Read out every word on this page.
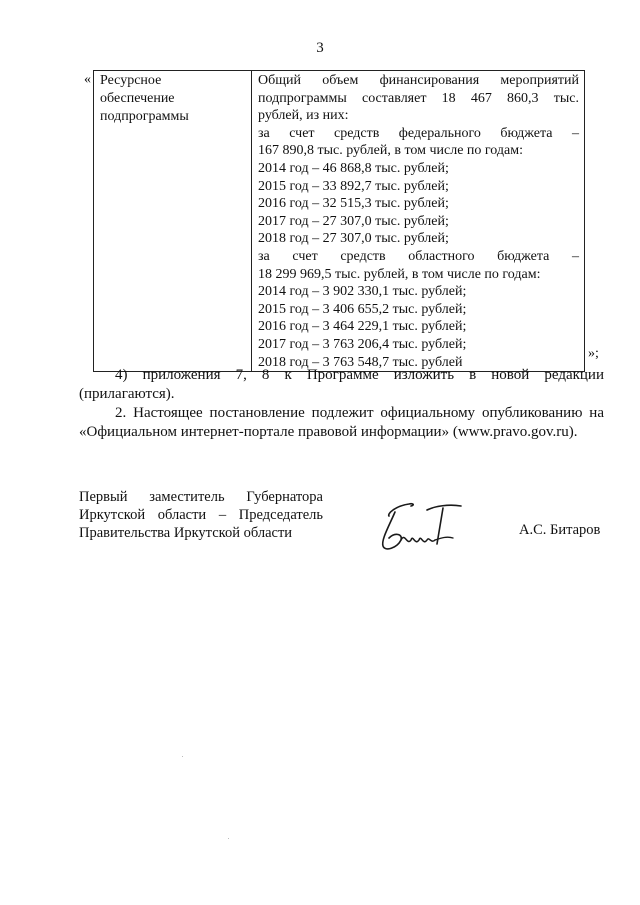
3
« Ресурсное
обеспечение
подпрограммы

Общий объем финансирования мероприятий
подпрограммы составляет 18 467 860,3 тыс.
рублей, из них:
за счет средств федерального бюджета –
167 890,8 тыс. рублей, в том числе по годам:
2014 год – 46 868,8 тыс. рублей;
2015 год – 33 892,7 тыс. рублей;
2016 год – 32 515,3 тыс. рублей;
2017 год – 27 307,0 тыс. рублей;
2018 год – 27 307,0 тыс. рублей;
за счет средств областного бюджета –
18 299 969,5 тыс. рублей, в том числе по годам:
2014 год – 3 902 330,1 тыс. рублей;
2015 год – 3 406 655,2 тыс. рублей;
2016 год – 3 464 229,1 тыс. рублей;
2017 год – 3 763 206,4 тыс. рублей;
2018 год – 3 763 548,7 тыс. рублей
»;
4) приложения 7, 8 к Программе изложить в новой редакции
(прилагаются).
2. Настоящее постановление подлежит официальному опубликованию на
«Официальном интернет-портале правовой информации» (www.pravo.gov.ru).
Первый заместитель Губернатора
Иркутской области – Председатель
Правительства Иркутской области	А.С. Битаров
